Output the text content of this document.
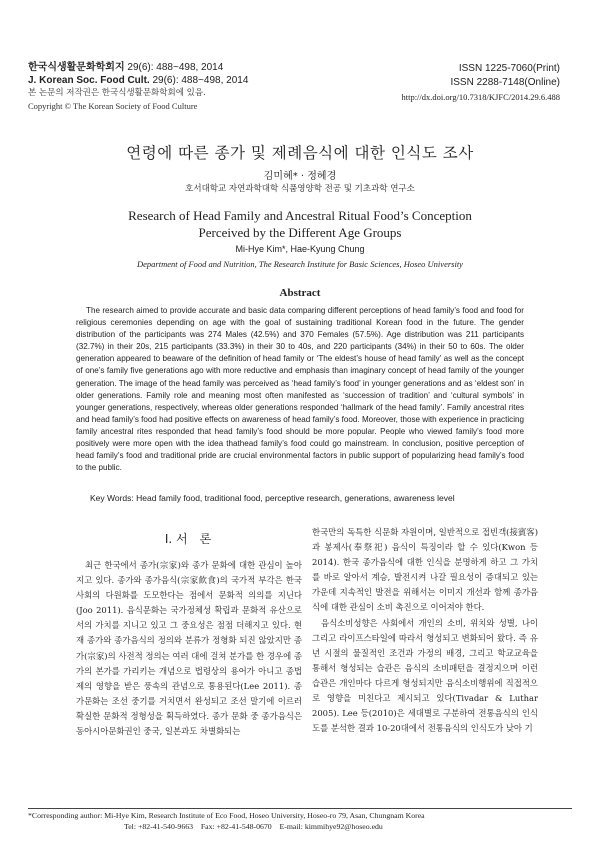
한국식생활문화학회지 29(6): 488~498, 2014
J. Korean Soc. Food Cult. 29(6): 488~498, 2014
본 논문의 저작권은 한국식생활문화학회에 있음.
Copyright © The Korean Society of Food Culture
ISSN 1225-7060(Print)
ISSN 2288-7148(Online)
http://dx.doi.org/10.7318/KJFC/2014.29.6.488
연령에 따른 종가 및 제례음식에 대한 인식도 조사
김미혜* · 정혜경
호서대학교 자연과학대학 식품영양학 전공 및 기초과학 연구소
Research of Head Family and Ancestral Ritual Food’s Conception
Perceived by the Different Age Groups
Mi-Hye Kim*, Hae-Kyung Chung
Department of Food and Nutrition, The Research Institute for Basic Sciences, Hoseo University
Abstract

The research aimed to provide accurate and basic data comparing different perceptions of head family’s food and food for religious ceremonies depending on age with the goal of sustaining traditional Korean food in the future. The gender distribution of the participants was 274 Males (42.5%) and 370 Females (57.5%). Age distribution was 211 participants (32.7%) in their 20s, 215 participants (33.3%) in their 30 to 40s, and 220 participants (34%) in their 50 to 60s. The older generation appeared to beaware of the definition of head family or ‘The eldest’s house of head family’ as well as the concept of one’s family five generations ago with more reductive and emphasis than imaginary concept of head family of the younger generation. The image of the head family was perceived as ‘head family’s food’ in younger generations and as ‘eldest son’ in older generations. Family role and meaning most often manifested as ‘succession of tradition’ and ‘cultural symbols’ in younger generations, respectively, whereas older generations responded ‘hallmark of the head family’. Family ancestral rites and head family’s food had positive effects on awareness of head family’s food. Moreover, those with experience in practicing family ancestral rites responded that head family’s food should be more popular. People who viewed family’s food more positively were more open with the idea thathead family’s food could go mainstream. In conclusion, positive perception of head family’s food and traditional pride are crucial environmental factors in public support of popularizing head family’s food to the public.

Key Words: Head family food, traditional food, perceptive research, generations, awareness level
Ⅰ. 서　론

최근 한국에서 종가(宗家)와 종가 문화에 대한 관심이 높아지고 있다. 종가와 종가음식(宗家飮食)의 국가적 부각은 한국사회의 다원화를 도모한다는 점에서 문화적 의의를 지닌다(Joo 2011). 음식문화는 국가정체성 확립과 문화적 유산으로서의 가치를 지니고 있고 그 중요성은 점점 더해지고 있다. 현재 종가와 종가음식의 정의와 분류가 정형화 되진 않았지만 종가(宗家)의 사전적 정의는 여러 대에 걸쳐 분가를 한 경우에 종가의 본가를 가리키는 개념으로 법령상의 용어가 아니고 종법제의 영향을 받은 풍속의 관념으로 통용된다(Lee 2011). 종가문화는 조선 중기를 거치면서 완성되고 조선 말기에 이르러 확실한 문화적 정형성을 획득하였다. 종가 문화 중 종가음식은 동아시아문화권인 중국, 일본과도 차별화되는

한국만의 독특한 식문화 자원이며, 일반적으로 접빈객(接賓客)과 봉제사(奉祭祀) 음식이 특징이라 할 수 있다(Kwon 등 2014). 한국 종가음식에 대한 인식을 분명하게 하고 그 가치를 바로 알아서 계승, 발전시켜 나갈 필요성이 증대되고 있는 가운데 지속적인 발전을 위해서는 이미지 개선과 함께 종가음식에 대한 관심이 소비 촉진으로 이어져야 한다.

음식소비성향은 사회에서 개인의 소비, 위치와 성별, 나이 그리고 라이프스타일에 따라서 형성되고 변화되어 왔다. 즉 유년 시절의 물질적인 조건과 가정의 배경, 그리고 학교교육을 통해서 형성되는 습관은 음식의 소비패턴을 결정지으며 이런 습관은 개인마다 다르게 형성되지만 음식소비행위에 직접적으로 영향을 미친다고 제시되고 있다(Tivadar & Luthar 2005). Lee 등(2010)은 세대별로 구분하여 전통음식의 인식도를 분석한 결과 10-20대에서 전통음식의 인식도가 낮아 기

*Corresponding author: Mi-Hye Kim, Research Institute of Eco Food, Hoseo University, Hoseo-ro 79, Asan, Chungnam Korea
Tel: +82-41-540-9663　Fax: +82-41-548-0670　E-mail: kimmihye92@hoseo.edu
